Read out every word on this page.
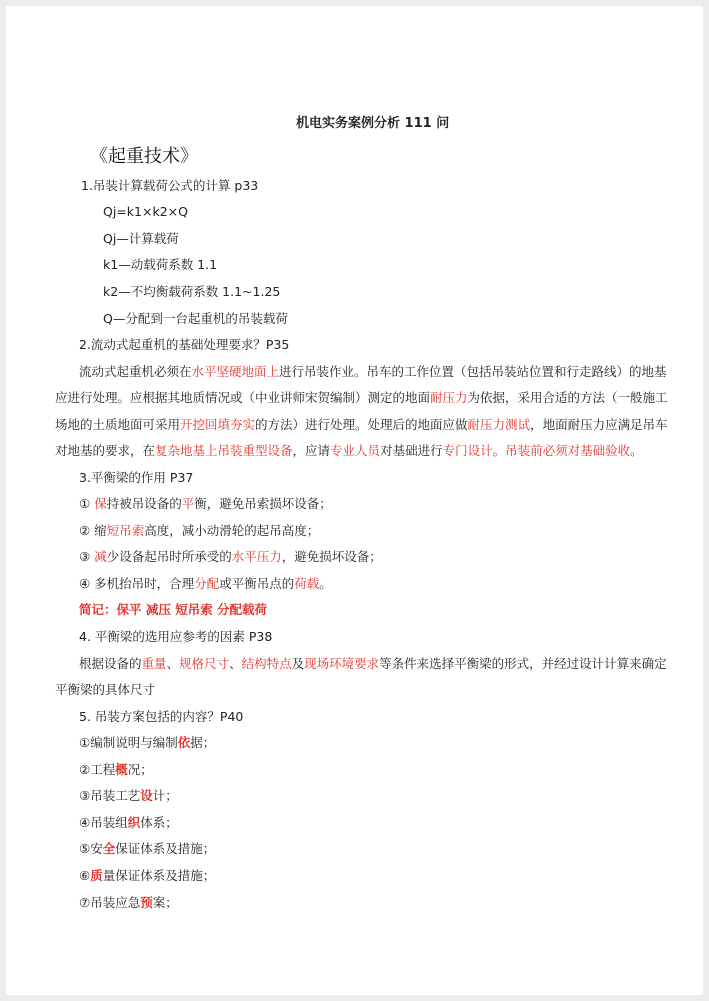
机电实务案例分析 111 问
《起重技术》
1.吊装计算载荷公式的计算 p33
Qj=k1×k2×Q
Qj—计算载荷
k1—动载荷系数 1.1
k2—不均衡载荷系数 1.1~1.25
Q—分配到一台起重机的吊装载荷
2.流动式起重机的基础处理要求？P35
流动式起重机必须在水平坚硬地面上进行吊装作业。吊车的工作位置（包括吊装站位置和行走路线）的地基
应进行处理。应根据其地质情况或（中业讲师宋贺编制）测定的地面耐压力为依据，采用合适的方法（一般施工
场地的土质地面可采用开挖回填夯实的方法）进行处理。处理后的地面应做耐压力测试，地面耐压力应满足吊车
对地基的要求，在复杂地基上吊装重型设备，应请专业人员对基础进行专门设计。吊装前必须对基础验收。
3.平衡梁的作用 P37
① 保持被吊设备的平衡，避免吊索损坏设备；
② 缩短吊索高度，减小动滑轮的起吊高度；
③ 减少设备起吊时所承受的水平压力，避免损坏设备；
④ 多机抬吊时，合理分配或平衡吊点的荷载。
简记：保平 减压 短吊索 分配载荷
4. 平衡梁的选用应参考的因素 P38
根据设备的重量、规格尺寸、结构特点及现场环境要求等条件来选择平衡梁的形式，并经过设计计算来确定
平衡梁的具体尺寸
5. 吊装方案包括的内容？P40
①编制说明与编制依据；
②工程概况；
③吊装工艺设计；
④吊装组织体系；
⑤安全保证体系及措施；
⑥质量保证体系及措施；
⑦吊装应急预案；
